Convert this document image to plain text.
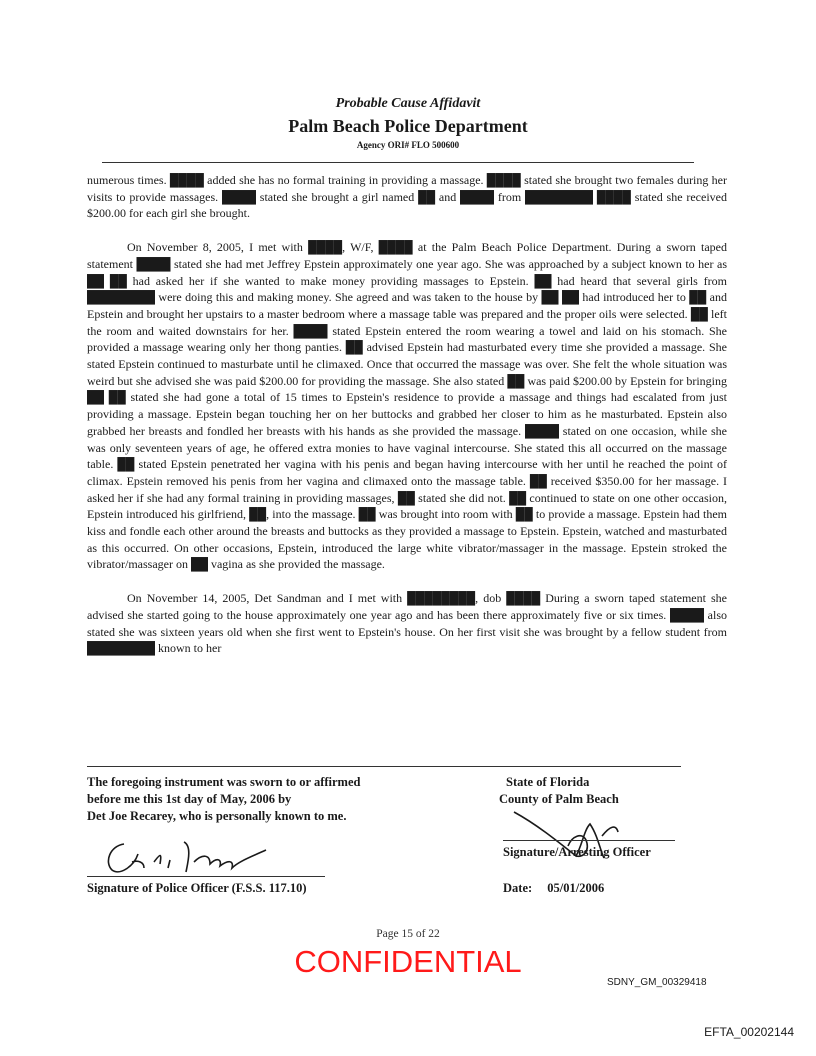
Probable Cause Affidavit
Palm Beach Police Department
Agency ORI# FLO 500600

numerous times. ████ added she has no formal training in providing a massage. ████ stated she brought two females during her visits to provide massages. ████ stated she brought a girl named ██ and ████ from ████████ ████ stated she received $200.00 for each girl she brought.

On November 8, 2005, I met with ████, W/F, ████ at the Palm Beach Police Department. During a sworn taped statement ████ stated she had met Jeffrey Epstein approximately one year ago. She was approached by a subject known to her as ██ ██ had asked her if she wanted to make money providing massages to Epstein. ██ had heard that several girls from ████████ were doing this and making money. She agreed and was taken to the house by ██ ██ had introduced her to ██ and Epstein and brought her upstairs to a master bedroom where a massage table was prepared and the proper oils were selected. ██ left the room and waited downstairs for her. ████ stated Epstein entered the room wearing a towel and laid on his stomach. She provided a massage wearing only her thong panties. ██ advised Epstein had masturbated every time she provided a massage. She stated Epstein continued to masturbate until he climaxed. Once that occurred the massage was over. She felt the whole situation was weird but she advised she was paid $200.00 for providing the massage. She also stated ██ was paid $200.00 by Epstein for bringing ██ ██ stated she had gone a total of 15 times to Epstein's residence to provide a massage and things had escalated from just providing a massage. Epstein began touching her on her buttocks and grabbed her closer to him as he masturbated. Epstein also grabbed her breasts and fondled her breasts with his hands as she provided the massage. ████ stated on one occasion, while she was only seventeen years of age, he offered extra monies to have vaginal intercourse. She stated this all occurred on the massage table. ██ stated Epstein penetrated her vagina with his penis and began having intercourse with her until he reached the point of climax. Epstein removed his penis from her vagina and climaxed onto the massage table. ██ received $350.00 for her massage. I asked her if she had any formal training in providing massages, ██ stated she did not. ██ continued to state on one other occasion, Epstein introduced his girlfriend, ██, into the massage. ██ was brought into room with ██ to provide a massage. Epstein had them kiss and fondle each other around the breasts and buttocks as they provided a massage to Epstein. Epstein, watched and masturbated as this occurred. On other occasions, Epstein, introduced the large white vibrator/massager in the massage. Epstein stroked the vibrator/massager on ██ vagina as she provided the massage.

On November 14, 2005, Det Sandman and I met with ████████, dob ████ During a sworn taped statement she advised she started going to the house approximately one year ago and has been there approximately five or six times. ████ also stated she was sixteen years old when she first went to Epstein's house. On her first visit she was brought by a fellow student from ████████ known to her

The foregoing instrument was sworn to or affirmed
before me this 1st day of May, 2006 by
Det Joe Recarey, who is personally known to me.
Signature of Police Officer (F.S.S. 117.10)
State of Florida
County of Palm Beach
Signature/Arresting Officer
Date: 05/01/2006
Page 15 of 22
CONFIDENTIAL
SDNY_GM_00329418
EFTA_00202144
